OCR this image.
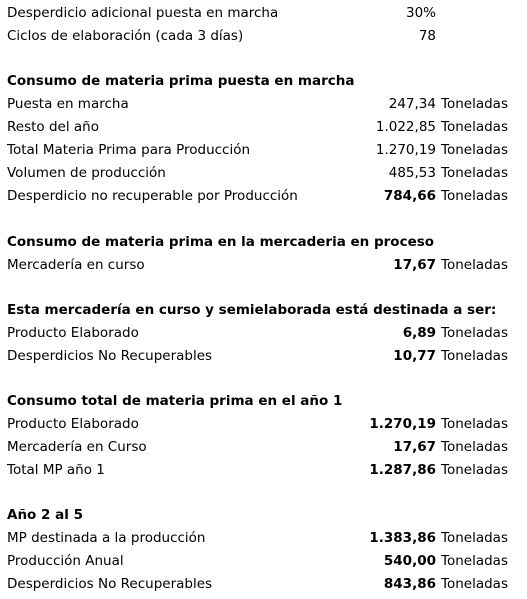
Desperdicio adicional puesta en marcha	30%
Ciclos de elaboración (cada 3 días)	78
Consumo de materia prima puesta en marcha
Puesta en marcha	247,34 Toneladas
Resto del año	1.022,85 Toneladas
Total Materia Prima para Producción	1.270,19 Toneladas
Volumen de producción	485,53 Toneladas
Desperdicio no recuperable por Producción	784,66 Toneladas
Consumo de materia prima en la mercaderia en proceso
Mercadería en curso	17,67 Toneladas
Esta mercadería en curso y semielaborada está destinada a ser:
Producto Elaborado	6,89 Toneladas
Desperdicios No Recuperables	10,77 Toneladas
Consumo total de materia prima en el año 1
Producto Elaborado	1.270,19 Toneladas
Mercadería en Curso	17,67 Toneladas
Total MP año 1	1.287,86 Toneladas
Año 2 al 5
MP destinada a la producción	1.383,86 Toneladas
Producción Anual	540,00 Toneladas
Desperdicios No Recuperables	843,86 Toneladas
